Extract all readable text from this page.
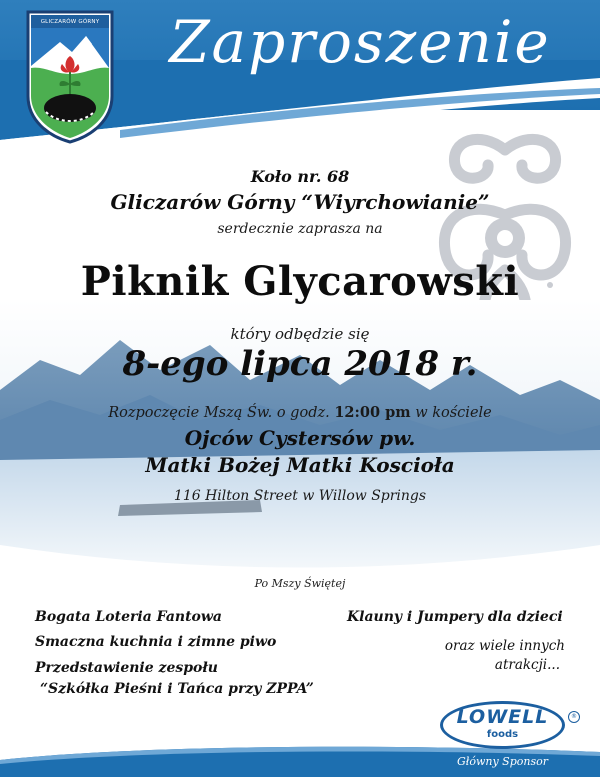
GLICZARÓW GÓRNY	Zaproszenie
Koło nr. 68
Gliczarów Górny “Wiyrchowianie”
serdecznie zaprasza na
Piknik Glycarowski
który odbędzie się
8-ego lipca 2018 r.
Rozpoczęcie Mszą Św. o godz. 12:00 pm w kościele
Ojców Cystersów pw.
Matki Bożej Matki Koscioła
116 Hilton Street w Willow Springs
Po Mszy Świętej
Bogata Loteria Fantowa
Smaczna kuchnia i zimne piwo
Przedstawienie zespołu
“Szkółka Pieśni i Tańca przy ZPPA”
Klauny i Jumpery dla dzieci
oraz wiele innych
atrakcji...
LOWELL
foods
®
Główny Sponsor
